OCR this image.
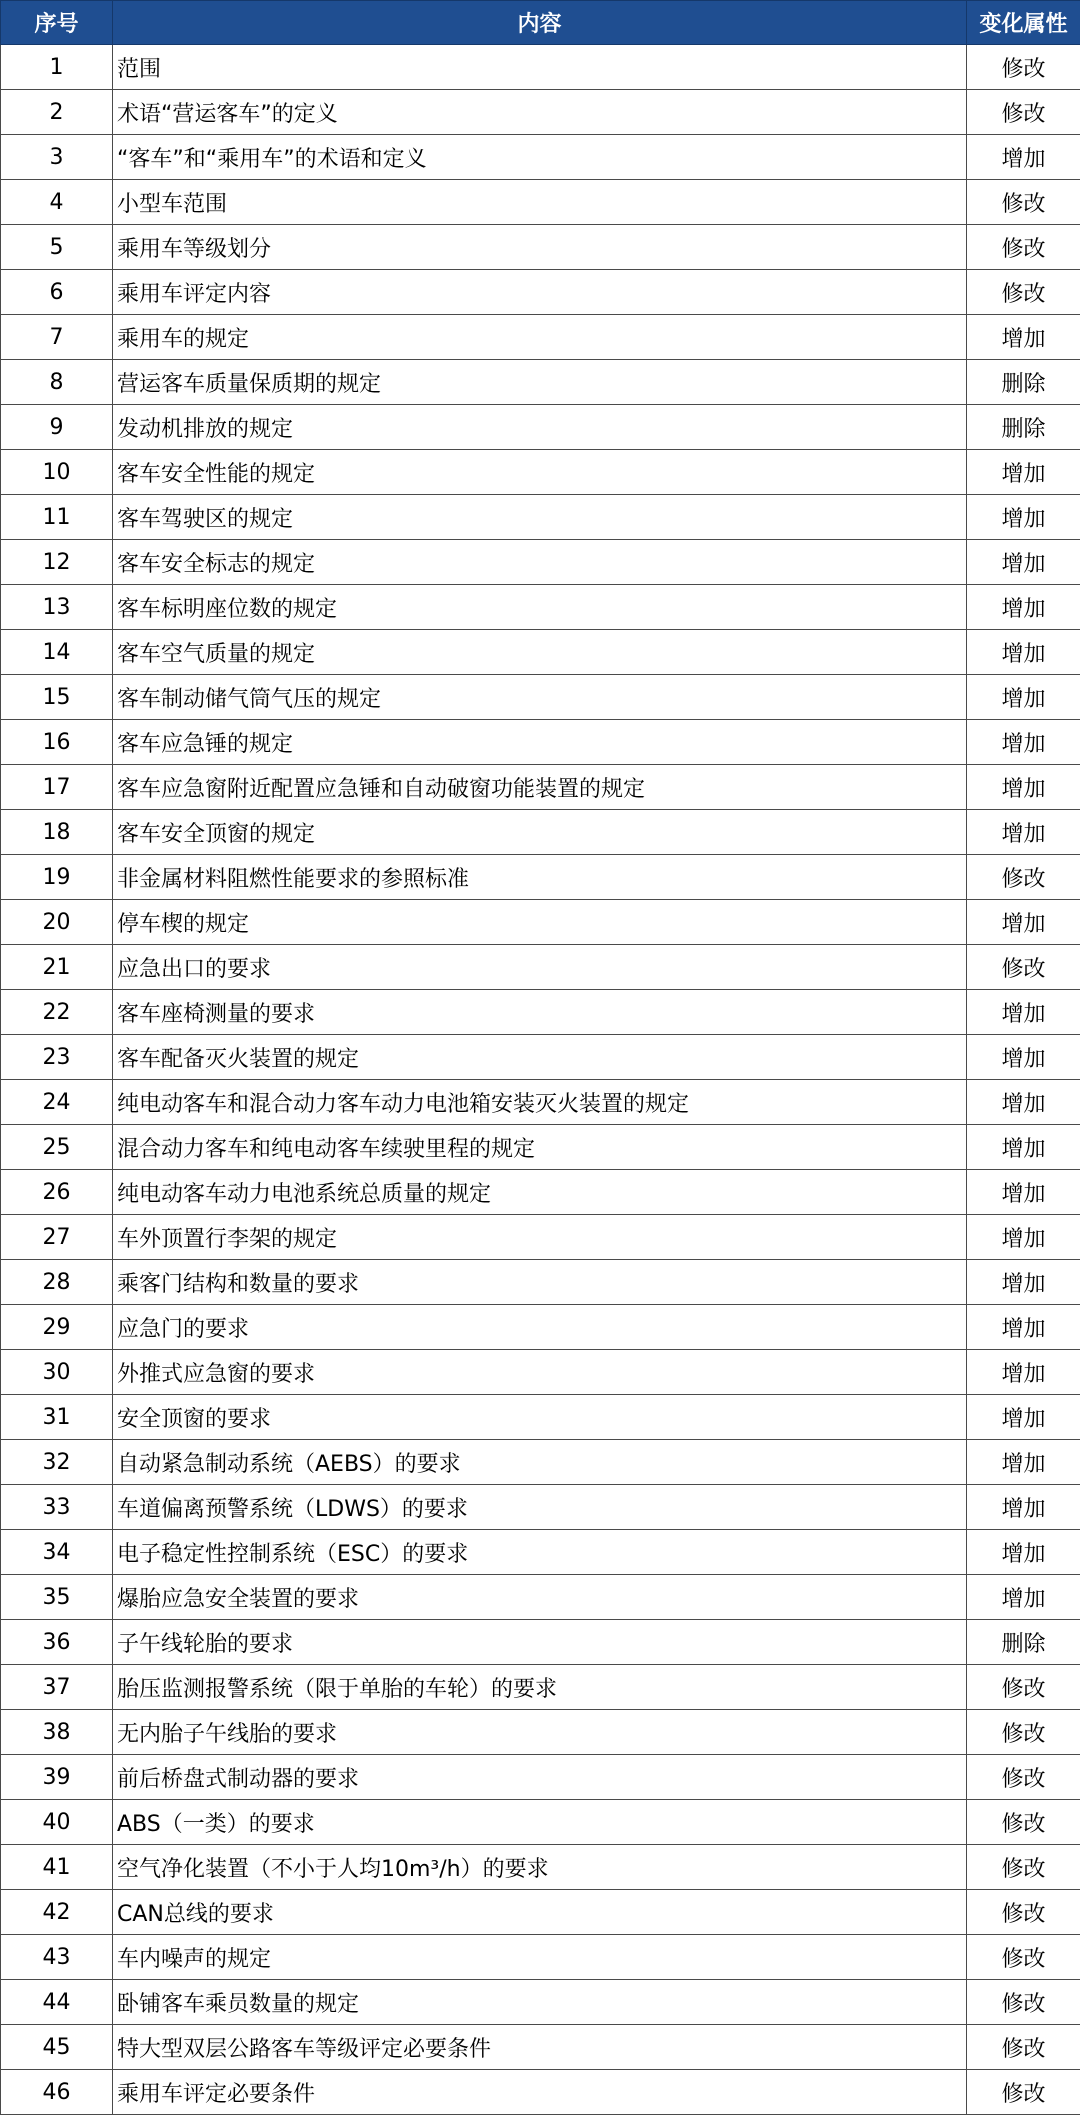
序号	内容	变化属性
1	范围	修改
2	术语“营运客车”的定义	修改
3	“客车”和“乘用车”的术语和定义	增加
4	小型车范围	修改
5	乘用车等级划分	修改
6	乘用车评定内容	修改
7	乘用车的规定	增加
8	营运客车质量保质期的规定	删除
9	发动机排放的规定	删除
10	客车安全性能的规定	增加
11	客车驾驶区的规定	增加
12	客车安全标志的规定	增加
13	客车标明座位数的规定	增加
14	客车空气质量的规定	增加
15	客车制动储气筒气压的规定	增加
16	客车应急锤的规定	增加
17	客车应急窗附近配置应急锤和自动破窗功能装置的规定	增加
18	客车安全顶窗的规定	增加
19	非金属材料阻燃性能要求的参照标准	修改
20	停车楔的规定	增加
21	应急出口的要求	修改
22	客车座椅测量的要求	增加
23	客车配备灭火装置的规定	增加
24	纯电动客车和混合动力客车动力电池箱安装灭火装置的规定	增加
25	混合动力客车和纯电动客车续驶里程的规定	增加
26	纯电动客车动力电池系统总质量的规定	增加
27	车外顶置行李架的规定	增加
28	乘客门结构和数量的要求	增加
29	应急门的要求	增加
30	外推式应急窗的要求	增加
31	安全顶窗的要求	增加
32	自动紧急制动系统（AEBS）的要求	增加
33	车道偏离预警系统（LDWS）的要求	增加
34	电子稳定性控制系统（ESC）的要求	增加
35	爆胎应急安全装置的要求	增加
36	子午线轮胎的要求	删除
37	胎压监测报警系统（限于单胎的车轮）的要求	修改
38	无内胎子午线胎的要求	修改
39	前后桥盘式制动器的要求	修改
40	ABS（一类）的要求	修改
41	空气净化装置（不小于人均10m³/h）的要求	修改
42	CAN总线的要求	修改
43	车内噪声的规定	修改
44	卧铺客车乘员数量的规定	修改
45	特大型双层公路客车等级评定必要条件	修改
46	乘用车评定必要条件	修改
